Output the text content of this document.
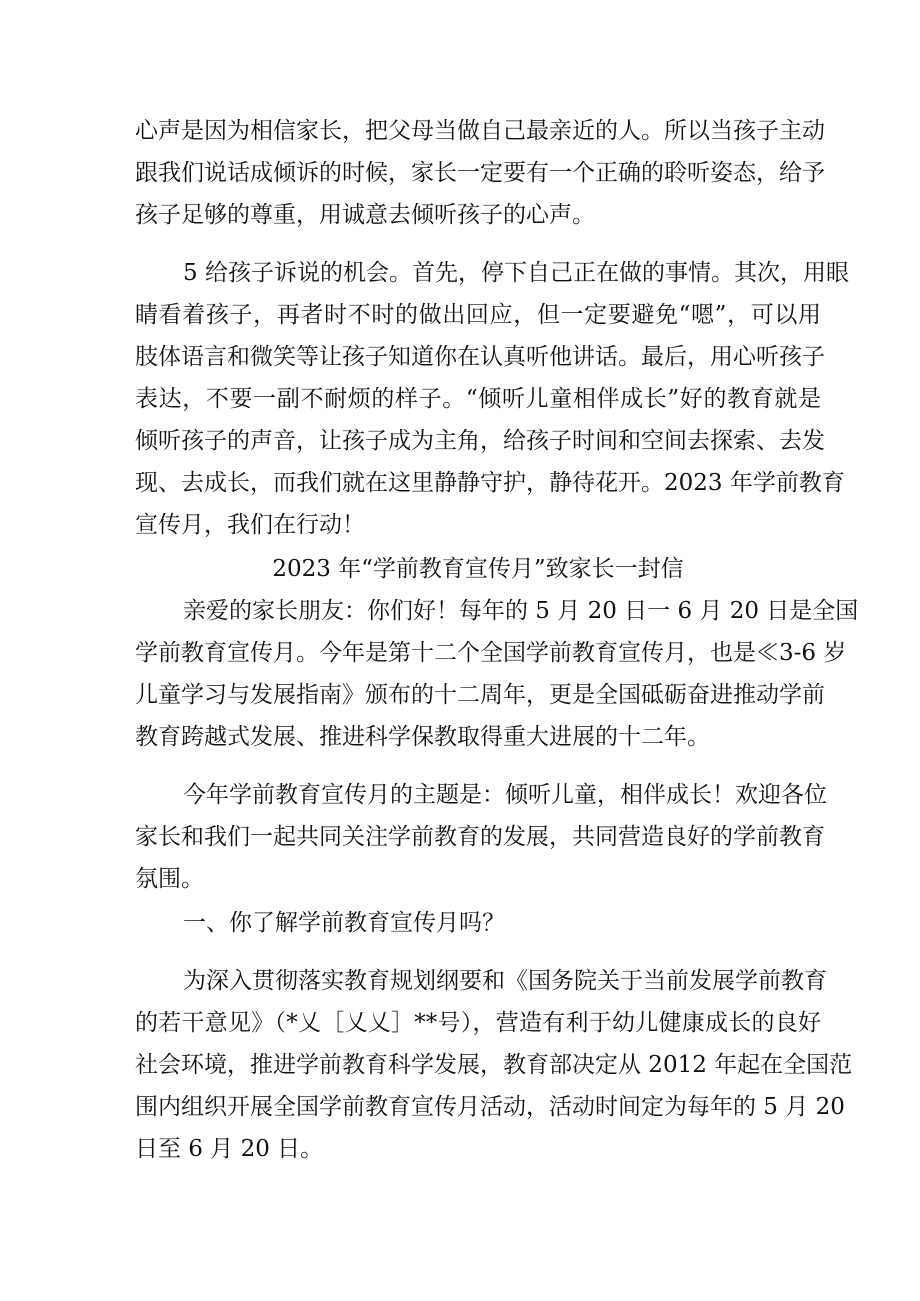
心声是因为相信家长，把父母当做自己最亲近的人。所以当孩子主动
跟我们说话成倾诉的时候，家长一定要有一个正确的聆听姿态，给予
孩子足够的尊重，用诚意去倾听孩子的心声。
5 给孩子诉说的机会。首先，停下自己正在做的事情。其次，用眼
睛看着孩子，再者时不时的做出回应，但一定要避免“嗯”，可以用
肢体语言和微笑等让孩子知道你在认真听他讲话。最后，用心听孩子
表达，不要一副不耐烦的样子。“倾听儿童相伴成长”好的教育就是
倾听孩子的声音，让孩子成为主角，给孩子时间和空间去探索、去发
现、去成长，而我们就在这里静静守护，静待花开。2023 年学前教育
宣传月，我们在行动！
2023 年“学前教育宣传月”致家长一封信
亲爱的家长朋友：你们好！每年的 5 月 20 日一 6 月 20 日是全国
学前教育宣传月。今年是第十二个全国学前教育宣传月，也是≪3-6 岁
儿童学习与发展指南》颁布的十二周年，更是全国砥砺奋进推动学前
教育跨越式发展、推进科学保教取得重大进展的十二年。
今年学前教育宣传月的主题是：倾听儿童，相伴成长！欢迎各位
家长和我们一起共同关注学前教育的发展，共同营造良好的学前教育
氛围。
一、你了解学前教育宣传月吗？
为深入贯彻落实教育规划纲要和《国务院关于当前发展学前教育
的若干意见》（*乂［乂乂］**号），营造有利于幼儿健康成长的良好
社会环境，推进学前教育科学发展，教育部决定从 2012 年起在全国范
围内组织开展全国学前教育宣传月活动，活动时间定为每年的 5 月 20
日至 6 月 20 日。
